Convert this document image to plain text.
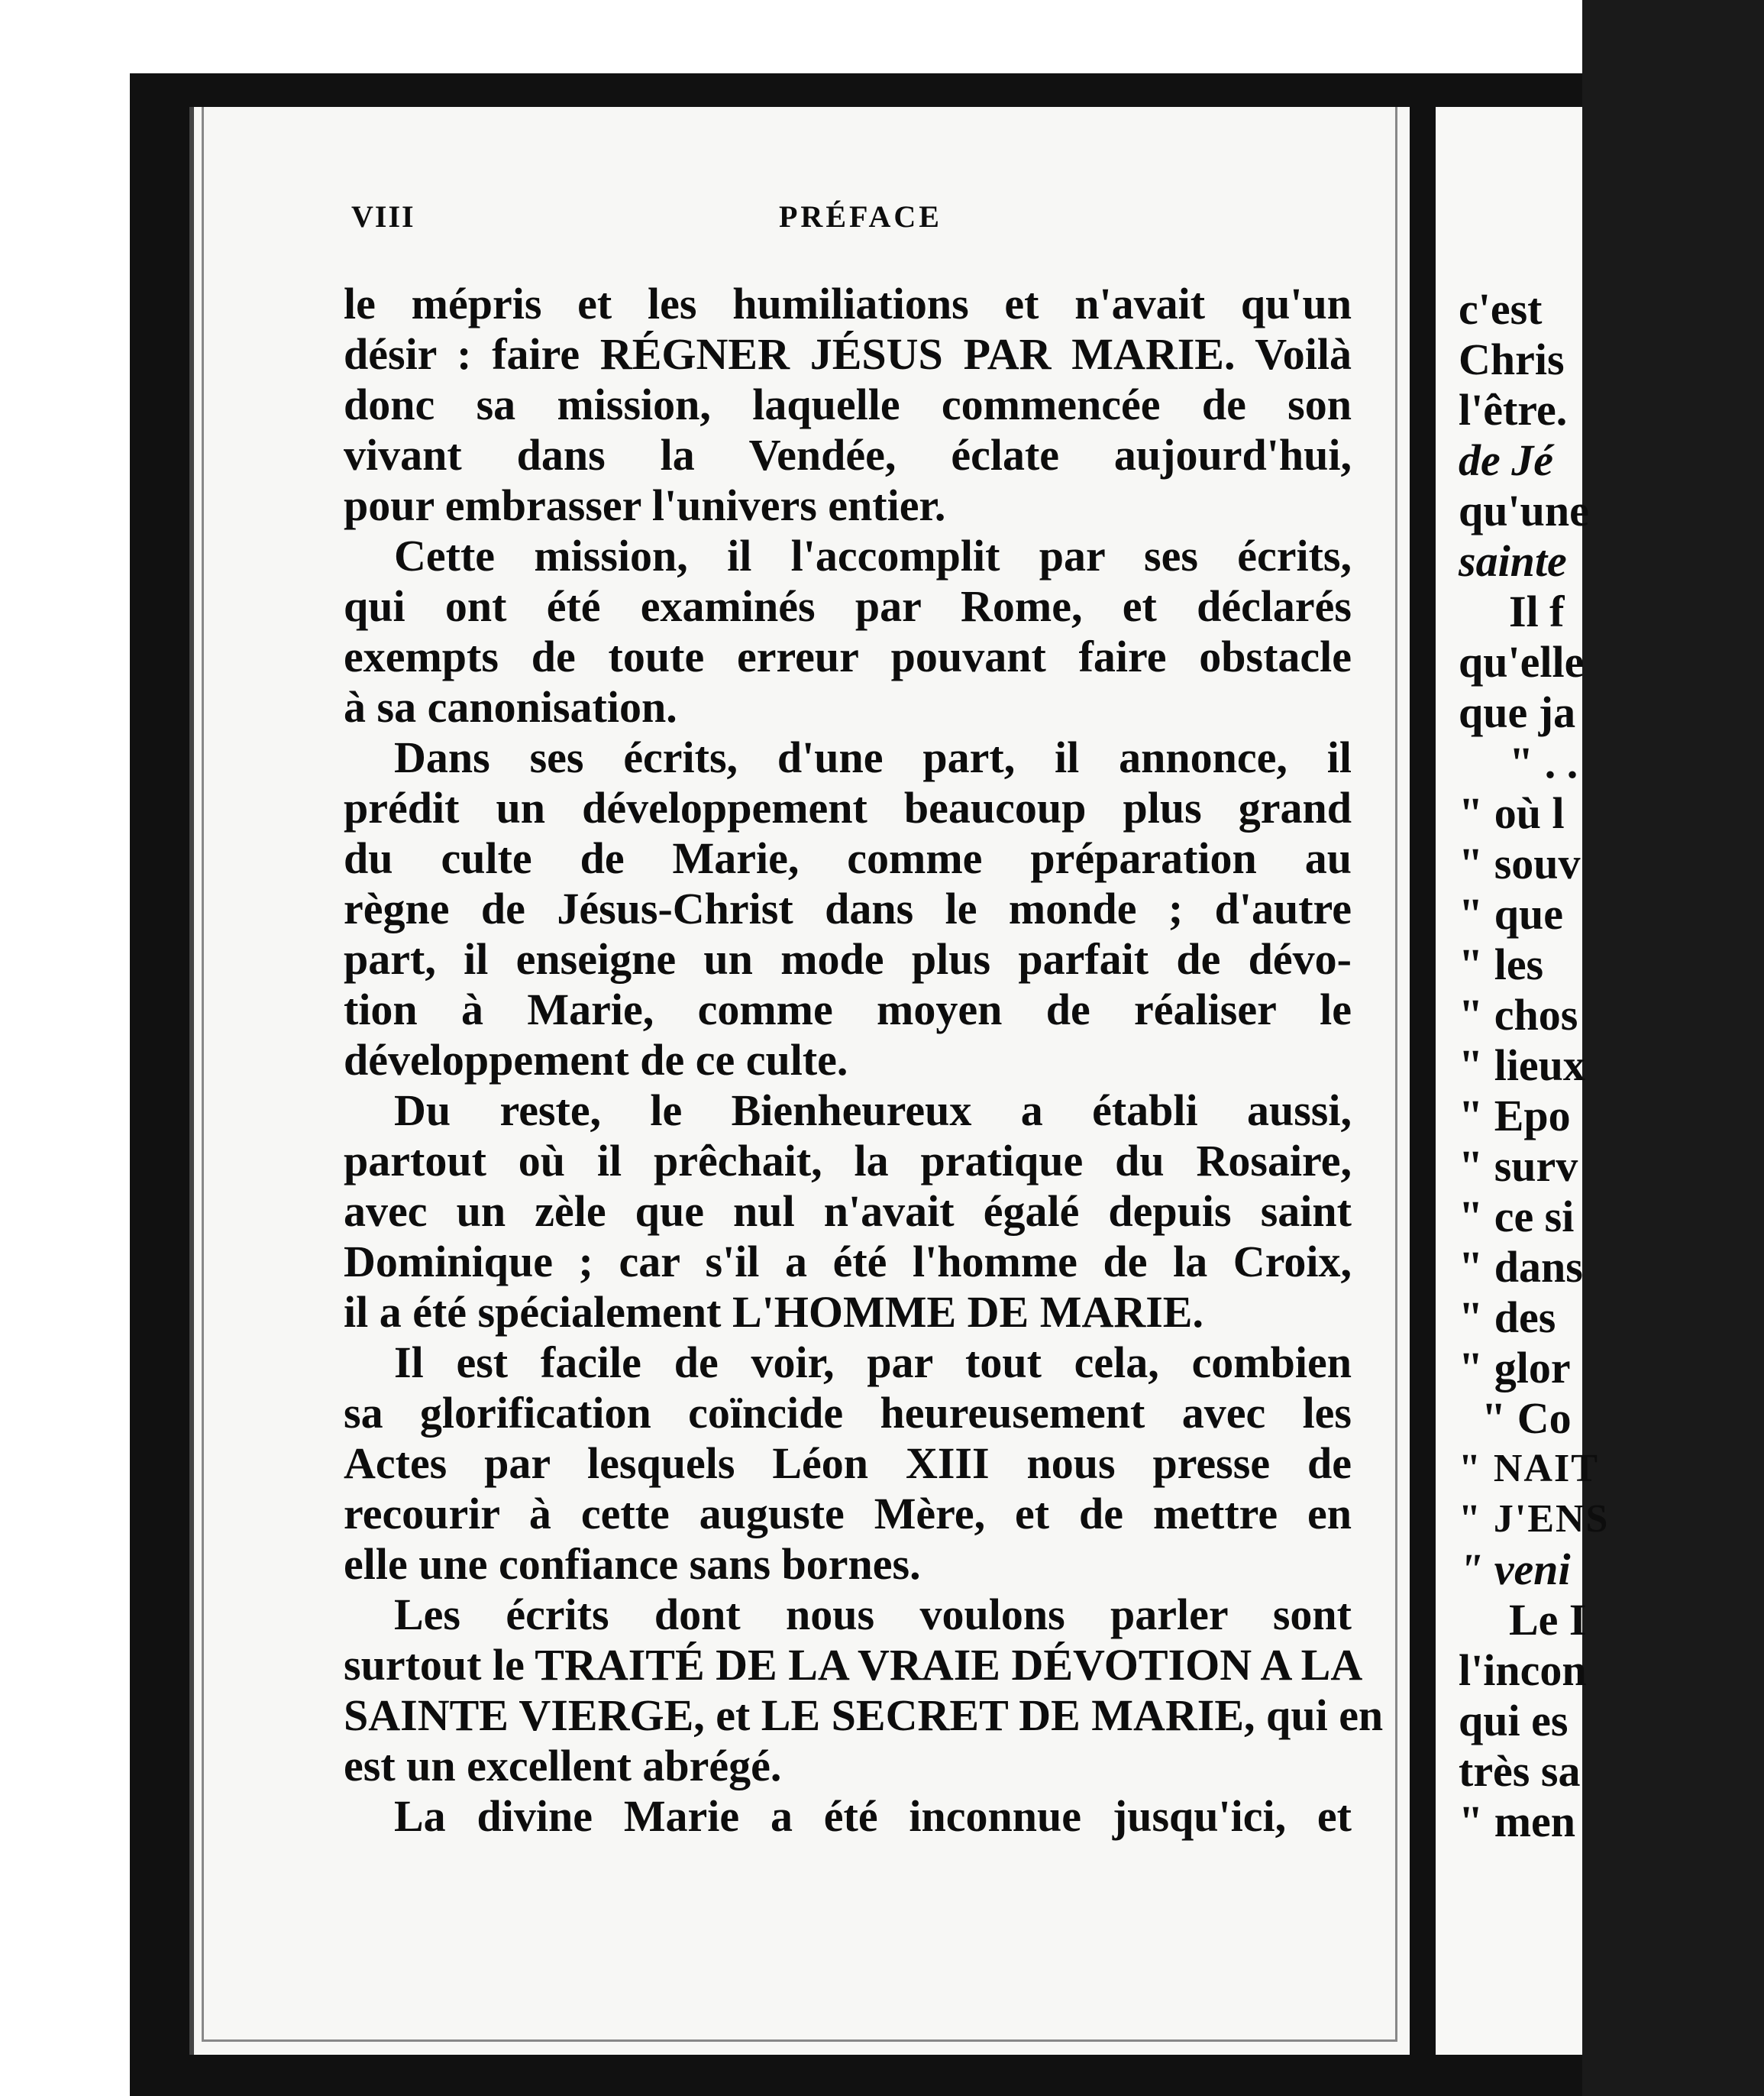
VIII	PRÉFACE
le mépris et les humiliations et n'avait qu'un
désir : faire RÉGNER JÉSUS PAR MARIE. Voilà
donc sa mission, laquelle commencée de son
vivant dans la Vendée, éclate aujourd'hui,
pour embrasser l'univers entier.
Cette mission, il l'accomplit par ses écrits,
qui ont été examinés par Rome, et déclarés
exempts de toute erreur pouvant faire obstacle
à sa canonisation.
Dans ses écrits, d'une part, il annonce, il
prédit un développement beaucoup plus grand
du culte de Marie, comme préparation au
règne de Jésus-Christ dans le monde ; d'autre
part, il enseigne un mode plus parfait de dévo-
tion à Marie, comme moyen de réaliser le
développement de ce culte.
Du reste, le Bienheureux a établi aussi,
partout où il prêchait, la pratique du Rosaire,
avec un zèle que nul n'avait égalé depuis saint
Dominique ; car s'il a été l'homme de la Croix,
il a été spécialement L'HOMME DE MARIE.
Il est facile de voir, par tout cela, combien
sa glorification coïncide heureusement avec les
Actes par lesquels Léon XIII nous presse de
recourir à cette auguste Mère, et de mettre en
elle une confiance sans bornes.
Les écrits dont nous voulons parler sont
surtout le TRAITÉ DE LA VRAIE DÉVOTION A LA
SAINTE VIERGE, et LE SECRET DE MARIE, qui en
est un excellent abrégé.
La divine Marie a été inconnue jusqu'ici, et
c'est
Chris
l'être.
de Jé
qu'une
sainte
Il f
qu'elle
que ja
" . .
" où l
" souv
" que
" les
" chos
" lieux
" Epo
" surv
" ce si
" dans
" des
" glor
" Co
" NAIT
" J'ENS
" veni
Le I
l'incon
qui es
très sa
" men
